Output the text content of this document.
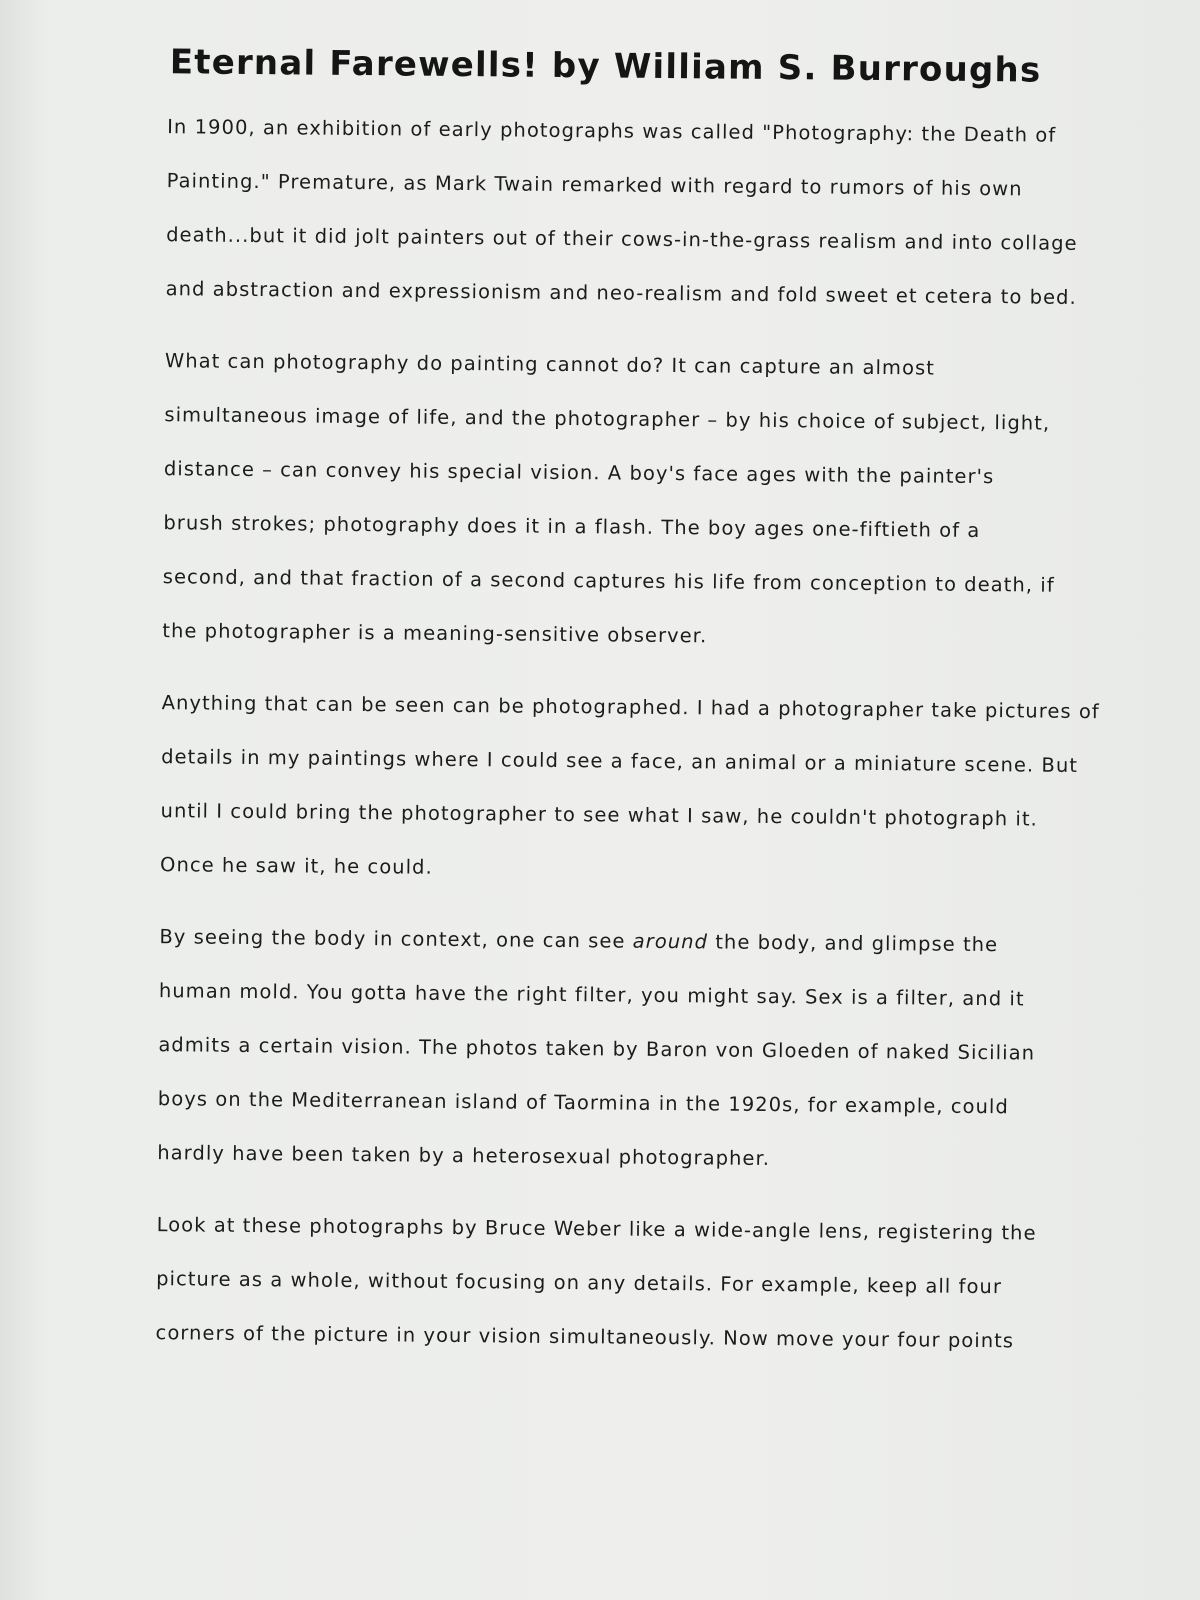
Eternal Farewells! by William S. Burroughs
In 1900, an exhibition of early photographs was called "Photography: the Death of
Painting." Premature, as Mark Twain remarked with regard to rumors of his own
death...but it did jolt painters out of their cows-in-the-grass realism and into collage
and abstraction and expressionism and neo-realism and fold sweet et cetera to bed.
What can photography do painting cannot do? It can capture an almost
simultaneous image of life, and the photographer – by his choice of subject, light,
distance – can convey his special vision. A boy's face ages with the painter's
brush strokes; photography does it in a flash. The boy ages one-fiftieth of a
second, and that fraction of a second captures his life from conception to death, if
the photographer is a meaning-sensitive observer.
Anything that can be seen can be photographed. I had a photographer take pictures of
details in my paintings where I could see a face, an animal or a miniature scene. But
until I could bring the photographer to see what I saw, he couldn't photograph it.
Once he saw it, he could.
By seeing the body in context, one can see around the body, and glimpse the
human mold. You gotta have the right filter, you might say. Sex is a filter, and it
admits a certain vision. The photos taken by Baron von Gloeden of naked Sicilian
boys on the Mediterranean island of Taormina in the 1920s, for example, could
hardly have been taken by a heterosexual photographer.
Look at these photographs by Bruce Weber like a wide-angle lens, registering the
picture as a whole, without focusing on any details. For example, keep all four
corners of the picture in your vision simultaneously. Now move your four points
